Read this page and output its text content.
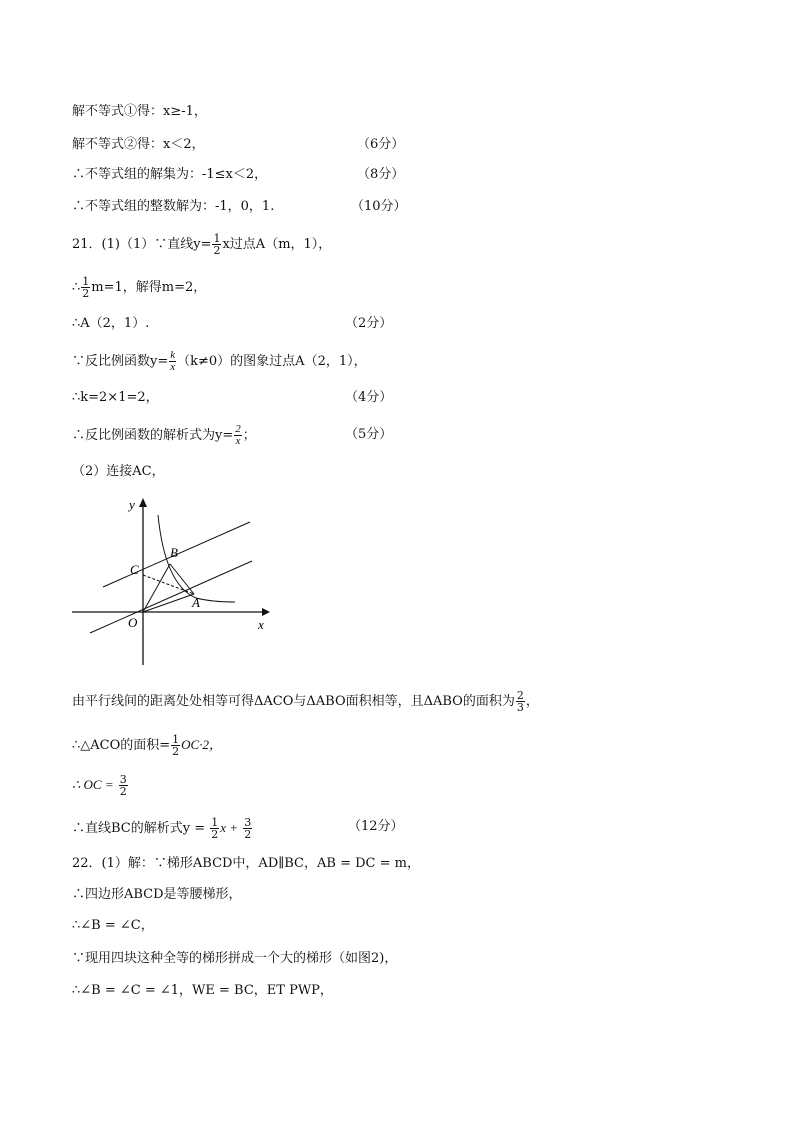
解不等式①得：x≥-1，
解不等式②得：x＜2，	（6分）
∴不等式组的解集为：-1≤x＜2，	（8分）
∴不等式组的整数解为：-1，0，1.	（10分）
21．(1)（1）∵直线$y= \frac{1}{2}$ x过点A（m，1），
∴ $\frac{1}{2} m=1$，解得m=2，
∴A（2，1）.	（2分）
∵反比例函数$y= \frac{k}{x} (k\ne 0)$的图象过点A（2，1），
∴k=2×1=2，	（4分）
∴反比例函数的解析式为$y= \frac{2}{x}$ ；	（5分）
（2）连接AC，
y
x
B
C
A
O
由平行线间的距离处处相等可得ΔACO与ΔABO面积相等，且ΔABO的面积为 $\frac{2}{3}$ ，
∴△ACO的面积= $\frac{1}{2} OC\cdot 2$，
∴ OC = $\frac{3}{2}$
∴直线BC的解析式$y = \frac{1}{2}$ $x + \frac{3}{2}$	（12分）
22．(1）解：∵梯形ABCD中，AD∥BC，AB = DC = m，
∴四边形ABCD是等腰梯形，
∴∠B = ∠C，
∵现用四块这种全等的梯形拼成一个大的梯形（如图2)，
∴∠B = ∠C = ∠1，WE = BC，ET PWP，
